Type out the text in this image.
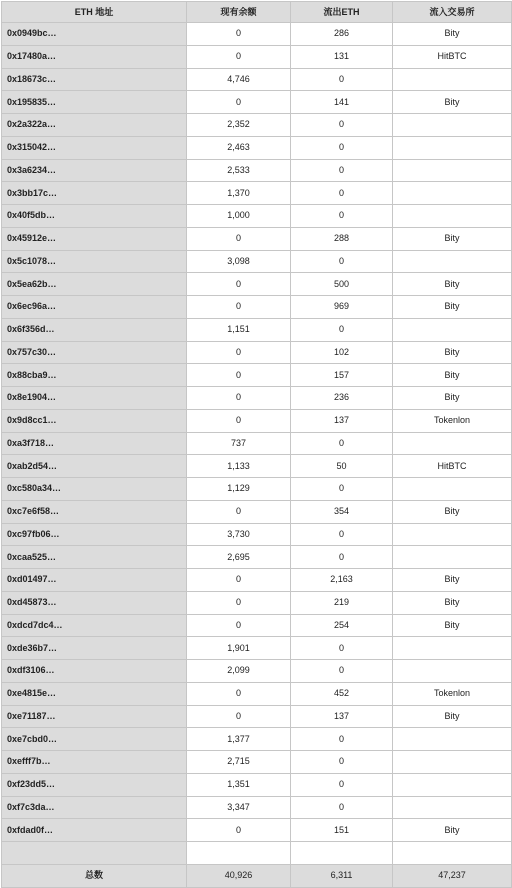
ETH 地址	现有余额	流出ETH	流入交易所
0x0949bc…	0	286	Bity
0x17480a…	0	131	HitBTC
0x18673c…	4,746	0	
0x195835…	0	141	Bity
0x2a322a…	2,352	0	
0x315042…	2,463	0	
0x3a6234…	2,533	0	
0x3bb17c…	1,370	0	
0x40f5db…	1,000	0	
0x45912e…	0	288	Bity
0x5c1078…	3,098	0	
0x5ea62b…	0	500	Bity
0x6ec96a…	0	969	Bity
0x6f356d…	1,151	0	
0x757c30…	0	102	Bity
0x88cba9…	0	157	Bity
0x8e1904…	0	236	Bity
0x9d8cc1…	0	137	Tokenlon
0xa3f718…	737	0	
0xab2d54…	1,133	50	HitBTC
0xc580a34…	1,129	0	
0xc7e6f58…	0	354	Bity
0xc97fb06…	3,730	0	
0xcaa525…	2,695	0	
0xd01497…	0	2,163	Bity
0xd45873…	0	219	Bity
0xdcd7dc4…	0	254	Bity
0xde36b7…	1,901	0	
0xdf3106…	2,099	0	
0xe4815e…	0	452	Tokenlon
0xe71187…	0	137	Bity
0xe7cbd0…	1,377	0	
0xefff7b…	2,715	0	
0xf23dd5…	1,351	0	
0xf7c3da…	3,347	0	
0xfdad0f…	0	151	Bity

总数	40,926	6,311	47,237
